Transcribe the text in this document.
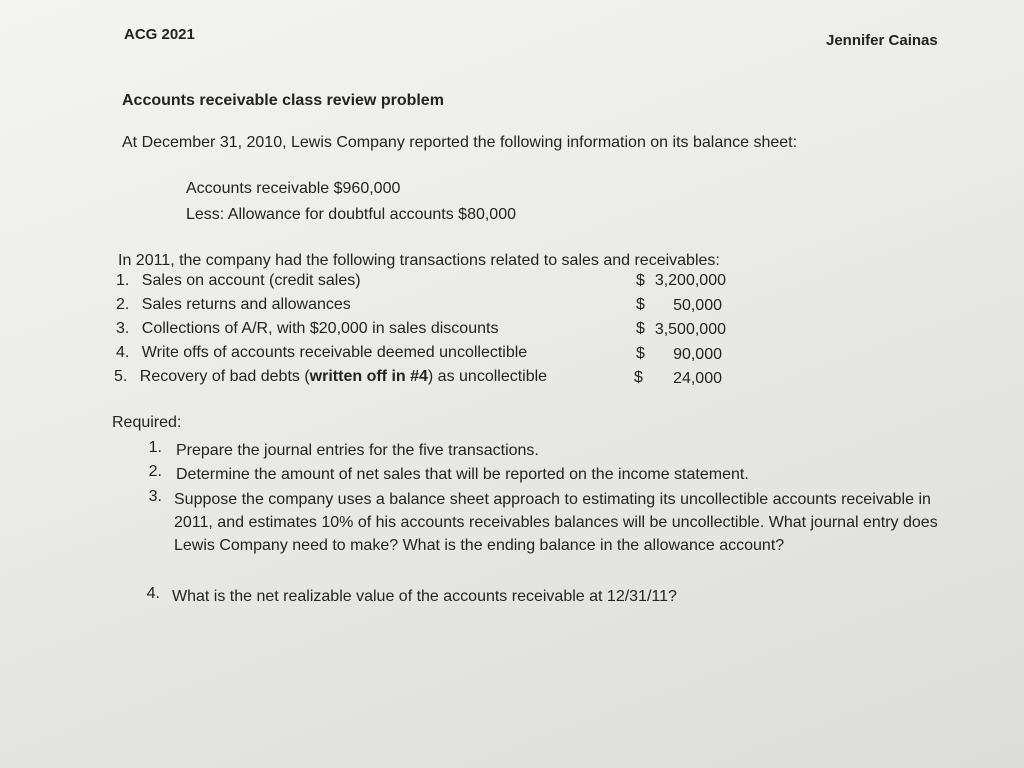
ACG 2021	Jennifer Cainas
Accounts receivable class review problem
At December 31, 2010, Lewis Company reported the following information on its balance sheet:
Accounts receivable $960,000
Less: Allowance for doubtful accounts $80,000
In 2011, the company had the following transactions related to sales and receivables:
1. Sales on account (credit sales)	$ 3,200,000
2. Sales returns and allowances	$	50,000
3. Collections of A/R, with $20,000 in sales discounts	$ 3,500,000
4. Write offs of accounts receivable deemed uncollectible	$	90,000
5. Recovery of bad debts (written off in #4) as uncollectible	$	24,000
Required:
1. Prepare the journal entries for the five transactions.
2. Determine the amount of net sales that will be reported on the income statement.
3. Suppose the company uses a balance sheet approach to estimating its uncollectible accounts receivable in 2011, and estimates 10% of his accounts receivables balances will be uncollectible. What journal entry does Lewis Company need to make? What is the ending balance in the allowance account?
4. What is the net realizable value of the accounts receivable at 12/31/11?
